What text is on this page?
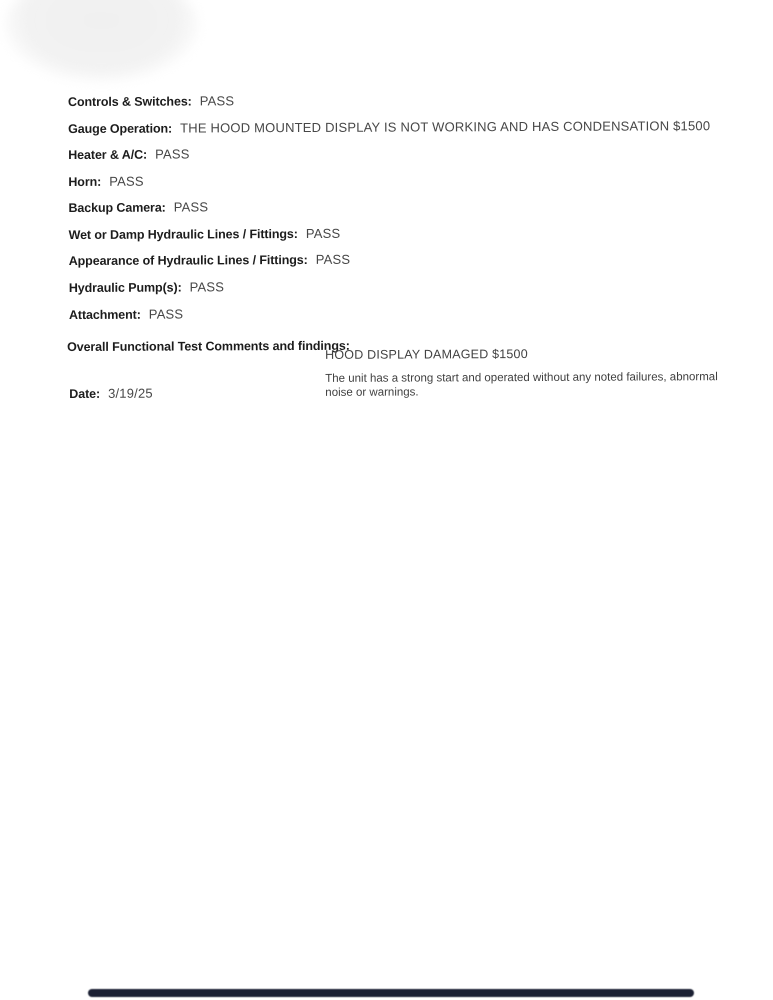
Controls & Switches: PASS
Gauge Operation: THE HOOD MOUNTED DISPLAY IS NOT WORKING AND HAS CONDENSATION $1500
Heater & A/C: PASS
Horn: PASS
Backup Camera: PASS
Wet or Damp Hydraulic Lines / Fittings: PASS
Appearance of Hydraulic Lines / Fittings: PASS
Hydraulic Pump(s): PASS
Attachment: PASS
Overall Functional Test Comments and findings:
HOOD DISPLAY DAMAGED $1500
The unit has a strong start and operated without any noted failures, abnormal noise or warnings.
Date: 3/19/25
